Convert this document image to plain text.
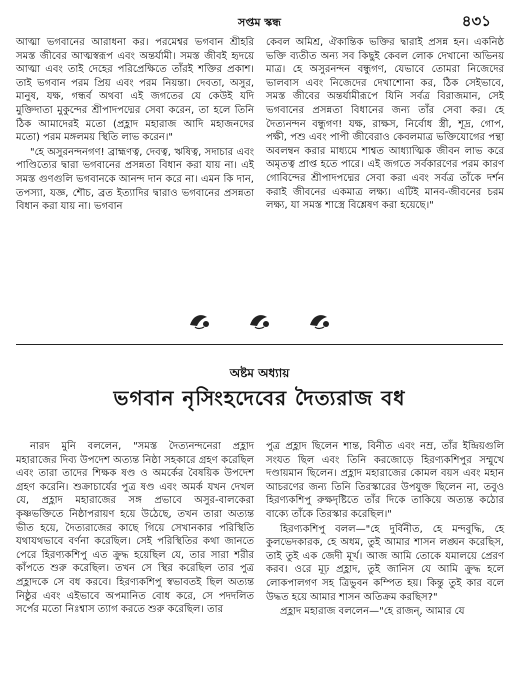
সপ্তম স্কন্ধ	৪৩১

আত্মা ভগবানের আরাধনা কর। পরমেশ্বর ভগবান শ্রীহরি সমস্ত জীবের আত্মস্বরূপ এবং অন্তর্যামী। সমস্ত জীবই হৃদয়ে আত্মা এবং তাই দেহের পরিপ্রেক্ষিতে তাঁরই শক্তির প্রকাশ। তাই ভগবান পরম প্রিয় এবং পরম নিয়ন্তা। দেবতা, অসুর, মানুষ, যক্ষ, গন্ধর্ব অথবা এই জগতের যে কেউই যদি মুক্তিদাতা মুকুন্দের শ্রীপাদপদ্মের সেবা করেন, তা হলে তিনি ঠিক আমাদেরই মতো (প্রহ্লাদ মহারাজ আদি মহাজনদের মতো) পরম মঙ্গলময় স্থিতি লাভ করেন।"

"হে অসুরনন্দনগণ! ব্রাহ্মণত্ব, দেবত্ব, ঋষিত্ব, সদাচার এবং পাণ্ডিত্যের দ্বারা ভগবানের প্রসন্নতা বিধান করা যায় না। এই সমস্ত গুণগুলি ভগবানকে আনন্দ দান করে না। এমন কি দান, তপস্যা, যজ্ঞ, শৌচ, ব্রত ইত্যাদির দ্বারাও ভগবানের প্রসন্নতা বিধান করা যায় না। ভগবান

কেবল অমিশ্র, ঐকান্তিক ভক্তির দ্বারাই প্রসন্ন হন। একনিষ্ঠ ভক্তি ব্যতীত অন্য সব কিছুই কেবল লোক দেখানো অভিনয় মাত্র। হে অসুরনন্দন বন্ধুগণ, যেভাবে তোমরা নিজেদের ভালবাস এবং নিজেদের দেখাশোনা কর, ঠিক সেইভাবে, সমস্ত জীবের অন্তর্যামীরূপে যিনি সর্বত্র বিরাজমান, সেই ভগবানের প্রসন্নতা বিধানের জন্য তাঁর সেবা কর। হে দৈত্যনন্দন বন্ধুগণ! যক্ষ, রাক্ষস, নির্বোধ স্ত্রী, শূদ্র, গোপ, পক্ষী, পশু এবং পাপী জীবেরাও কেবলমাত্র ভক্তিযোগের পন্থা অবলম্বন করার মাধ্যমে শাশ্বত আধ্যাত্মিক জীবন লাভ করে অমৃতত্ব প্রাপ্ত হতে পারে। এই জগতে সর্বকারণের পরম কারণ গোবিন্দের শ্রীপাদপদ্মের সেবা করা এবং সর্বত্র তাঁকে দর্শন করাই জীবনের একমাত্র লক্ষ্য। এটিই মানব-জীবনের চরম লক্ষ্য, যা সমস্ত শাস্ত্রে বিশ্লেষণ করা হয়েছে।"

অষ্টম অধ্যায়
ভগবান নৃসিংহদেবের দৈত্যরাজ বধ

নারদ মুনি বললেন, "সমস্ত দৈত্যনন্দনেরা প্রহ্লাদ মহারাজের দিব্য উপদেশ অত্যন্ত নিষ্ঠা সহকারে গ্রহণ করেছিল এবং তারা তাদের শিক্ষক ষণ্ড ও অমর্কের বৈষয়িক উপদেশ গ্রহণ করেনি। শুক্রাচার্যের পুত্র ষণ্ড এবং অমর্ক যখন দেখল যে, প্রহ্লাদ মহারাজের সঙ্গ প্রভাবে অসুর-বালকেরা কৃষ্ণভক্তিতে নিষ্ঠাপরায়ণ হয়ে উঠেছে, তখন তারা অত্যন্ত ভীত হয়ে, দৈত্যরাজের কাছে গিয়ে সেখানকার পরিস্থিতি যথাযথভাবে বর্ণনা করেছিল। সেই পরিস্থিতির কথা জানতে পেরে হিরণ্যকশিপু এত ক্রুদ্ধ হয়েছিল যে, তার সারা শরীর কাঁপতে শুরু করেছিল। তখন সে স্থির করেছিল তার পুত্র প্রহ্লাদকে সে বধ করবে। হিরণ্যকশিপু স্বভাবতই ছিল অত্যন্ত নিষ্ঠুর এবং এইভাবে অপমানিত বোধ করে, সে পদদলিত সর্পের মতো নিঃশ্বাস ত্যাগ করতে শুরু করেছিল। তার

পুত্র প্রহ্লাদ ছিলেন শান্ত, বিনীত এবং নম্র, তাঁর ইন্দ্রিয়গুলি সংযত ছিল এবং তিনি করজোড়ে হিরণ্যকশিপুর সম্মুখে দণ্ডায়মান ছিলেন। প্রহ্লাদ মহারাজের কোমল বয়স এবং মহান আচরণের জন্য তিনি তিরস্কারের উপযুক্ত ছিলেন না, তবুও হিরণ্যকশিপু রুক্ষদৃষ্টিতে তাঁর দিকে তাকিয়ে অত্যন্ত কঠোর বাক্যে তাঁকে তিরস্কার করেছিল।"

হিরণ্যকশিপু বলল—"হে দুর্বিনীত, হে মন্দবুদ্ধি, হে কুলভেদকারক, হে অধম, তুই আমার শাসন লঙ্ঘন করেছিস, তাই তুই এক জেদী মূর্খ। আজ আমি তোকে যমালয়ে প্রেরণ করব। ওরে মূঢ় প্রহ্লাদ, তুই জানিস যে আমি ক্রুদ্ধ হলে লোকপালগণ সহ ত্রিভুবন কম্পিত হয়। কিন্তু তুই কার বলে উদ্ধত হয়ে আমার শাসন অতিক্রম করছিস?"

প্রহ্লাদ মহারাজ বললেন—"হে রাজন্, আমার যে
